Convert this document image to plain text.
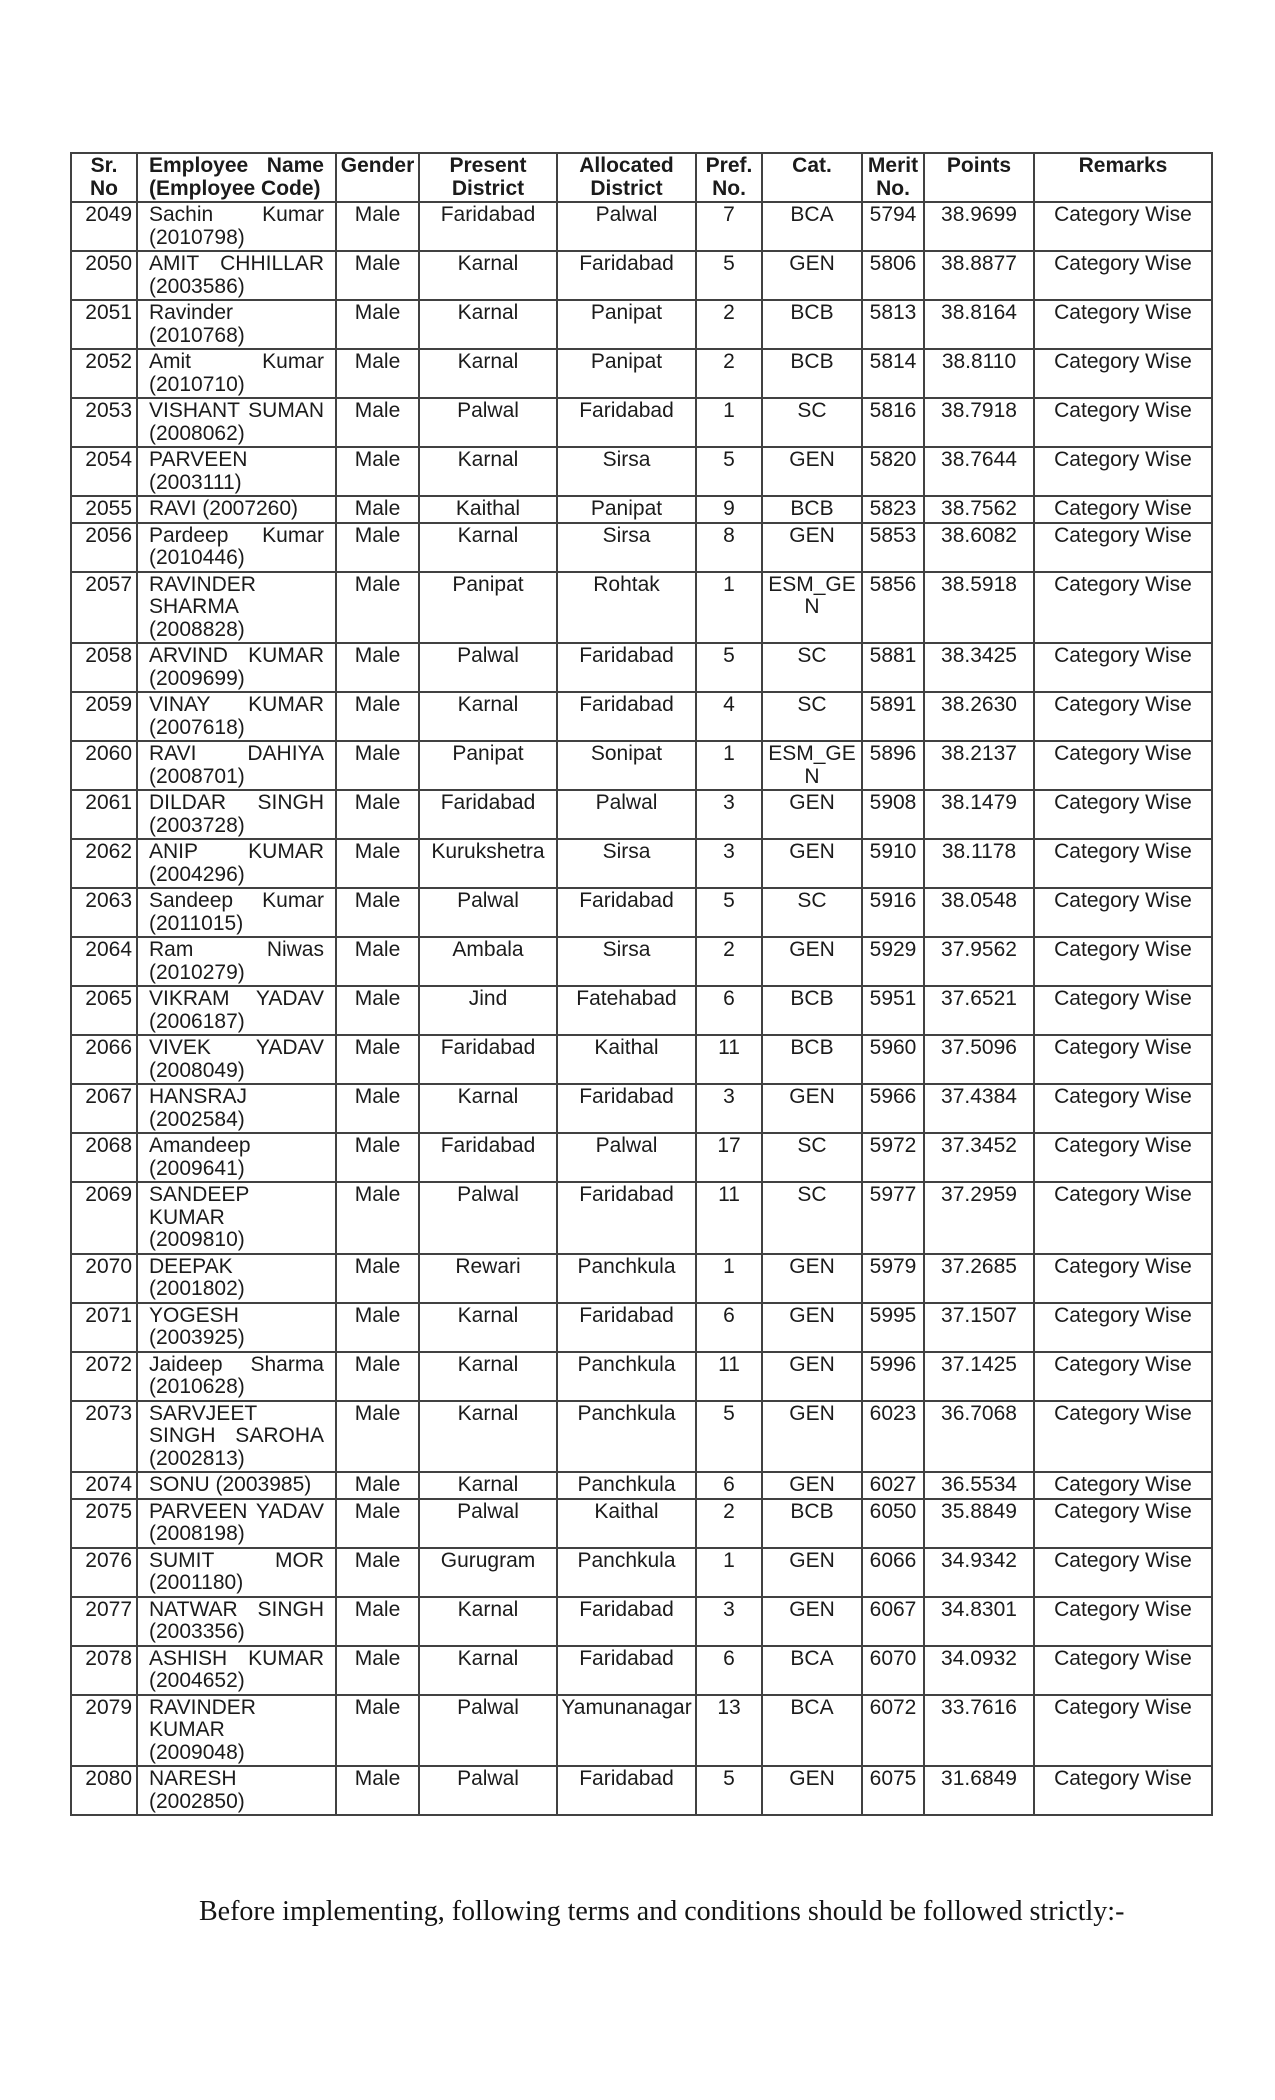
Sr. No	Employee Name (Employee Code)	Gender	Present District	Allocated District	Pref. No.	Cat.	Merit No.	Points	Remarks
2049	Sachin Kumar (2010798)	Male	Faridabad	Palwal	7	BCA	5794	38.9699	Category Wise
2050	AMIT CHHILLAR (2003586)	Male	Karnal	Faridabad	5	GEN	5806	38.8877	Category Wise
2051	Ravinder (2010768)	Male	Karnal	Panipat	2	BCB	5813	38.8164	Category Wise
2052	Amit Kumar (2010710)	Male	Karnal	Panipat	2	BCB	5814	38.8110	Category Wise
2053	VISHANT SUMAN (2008062)	Male	Palwal	Faridabad	1	SC	5816	38.7918	Category Wise
2054	PARVEEN (2003111)	Male	Karnal	Sirsa	5	GEN	5820	38.7644	Category Wise
2055	RAVI (2007260)	Male	Kaithal	Panipat	9	BCB	5823	38.7562	Category Wise
2056	Pardeep Kumar (2010446)	Male	Karnal	Sirsa	8	GEN	5853	38.6082	Category Wise
2057	RAVINDER SHARMA (2008828)	Male	Panipat	Rohtak	1	ESM_GEN	5856	38.5918	Category Wise
2058	ARVIND KUMAR (2009699)	Male	Palwal	Faridabad	5	SC	5881	38.3425	Category Wise
2059	VINAY KUMAR (2007618)	Male	Karnal	Faridabad	4	SC	5891	38.2630	Category Wise
2060	RAVI DAHIYA (2008701)	Male	Panipat	Sonipat	1	ESM_GEN	5896	38.2137	Category Wise
2061	DILDAR SINGH (2003728)	Male	Faridabad	Palwal	3	GEN	5908	38.1479	Category Wise
2062	ANIP KUMAR (2004296)	Male	Kurukshetra	Sirsa	3	GEN	5910	38.1178	Category Wise
2063	Sandeep Kumar (2011015)	Male	Palwal	Faridabad	5	SC	5916	38.0548	Category Wise
2064	Ram Niwas (2010279)	Male	Ambala	Sirsa	2	GEN	5929	37.9562	Category Wise
2065	VIKRAM YADAV (2006187)	Male	Jind	Fatehabad	6	BCB	5951	37.6521	Category Wise
2066	VIVEK YADAV (2008049)	Male	Faridabad	Kaithal	11	BCB	5960	37.5096	Category Wise
2067	HANSRAJ (2002584)	Male	Karnal	Faridabad	3	GEN	5966	37.4384	Category Wise
2068	Amandeep (2009641)	Male	Faridabad	Palwal	17	SC	5972	37.3452	Category Wise
2069	SANDEEP KUMAR (2009810)	Male	Palwal	Faridabad	11	SC	5977	37.2959	Category Wise
2070	DEEPAK (2001802)	Male	Rewari	Panchkula	1	GEN	5979	37.2685	Category Wise
2071	YOGESH (2003925)	Male	Karnal	Faridabad	6	GEN	5995	37.1507	Category Wise
2072	Jaideep Sharma (2010628)	Male	Karnal	Panchkula	11	GEN	5996	37.1425	Category Wise
2073	SARVJEET SINGH SAROHA (2002813)	Male	Karnal	Panchkula	5	GEN	6023	36.7068	Category Wise
2074	SONU (2003985)	Male	Karnal	Panchkula	6	GEN	6027	36.5534	Category Wise
2075	PARVEEN YADAV (2008198)	Male	Palwal	Kaithal	2	BCB	6050	35.8849	Category Wise
2076	SUMIT MOR (2001180)	Male	Gurugram	Panchkula	1	GEN	6066	34.9342	Category Wise
2077	NATWAR SINGH (2003356)	Male	Karnal	Faridabad	3	GEN	6067	34.8301	Category Wise
2078	ASHISH KUMAR (2004652)	Male	Karnal	Faridabad	6	BCA	6070	34.0932	Category Wise
2079	RAVINDER KUMAR (2009048)	Male	Palwal	Yamunanagar	13	BCA	6072	33.7616	Category Wise
2080	NARESH (2002850)	Male	Palwal	Faridabad	5	GEN	6075	31.6849	Category Wise

Before implementing, following terms and conditions should be followed strictly:-
